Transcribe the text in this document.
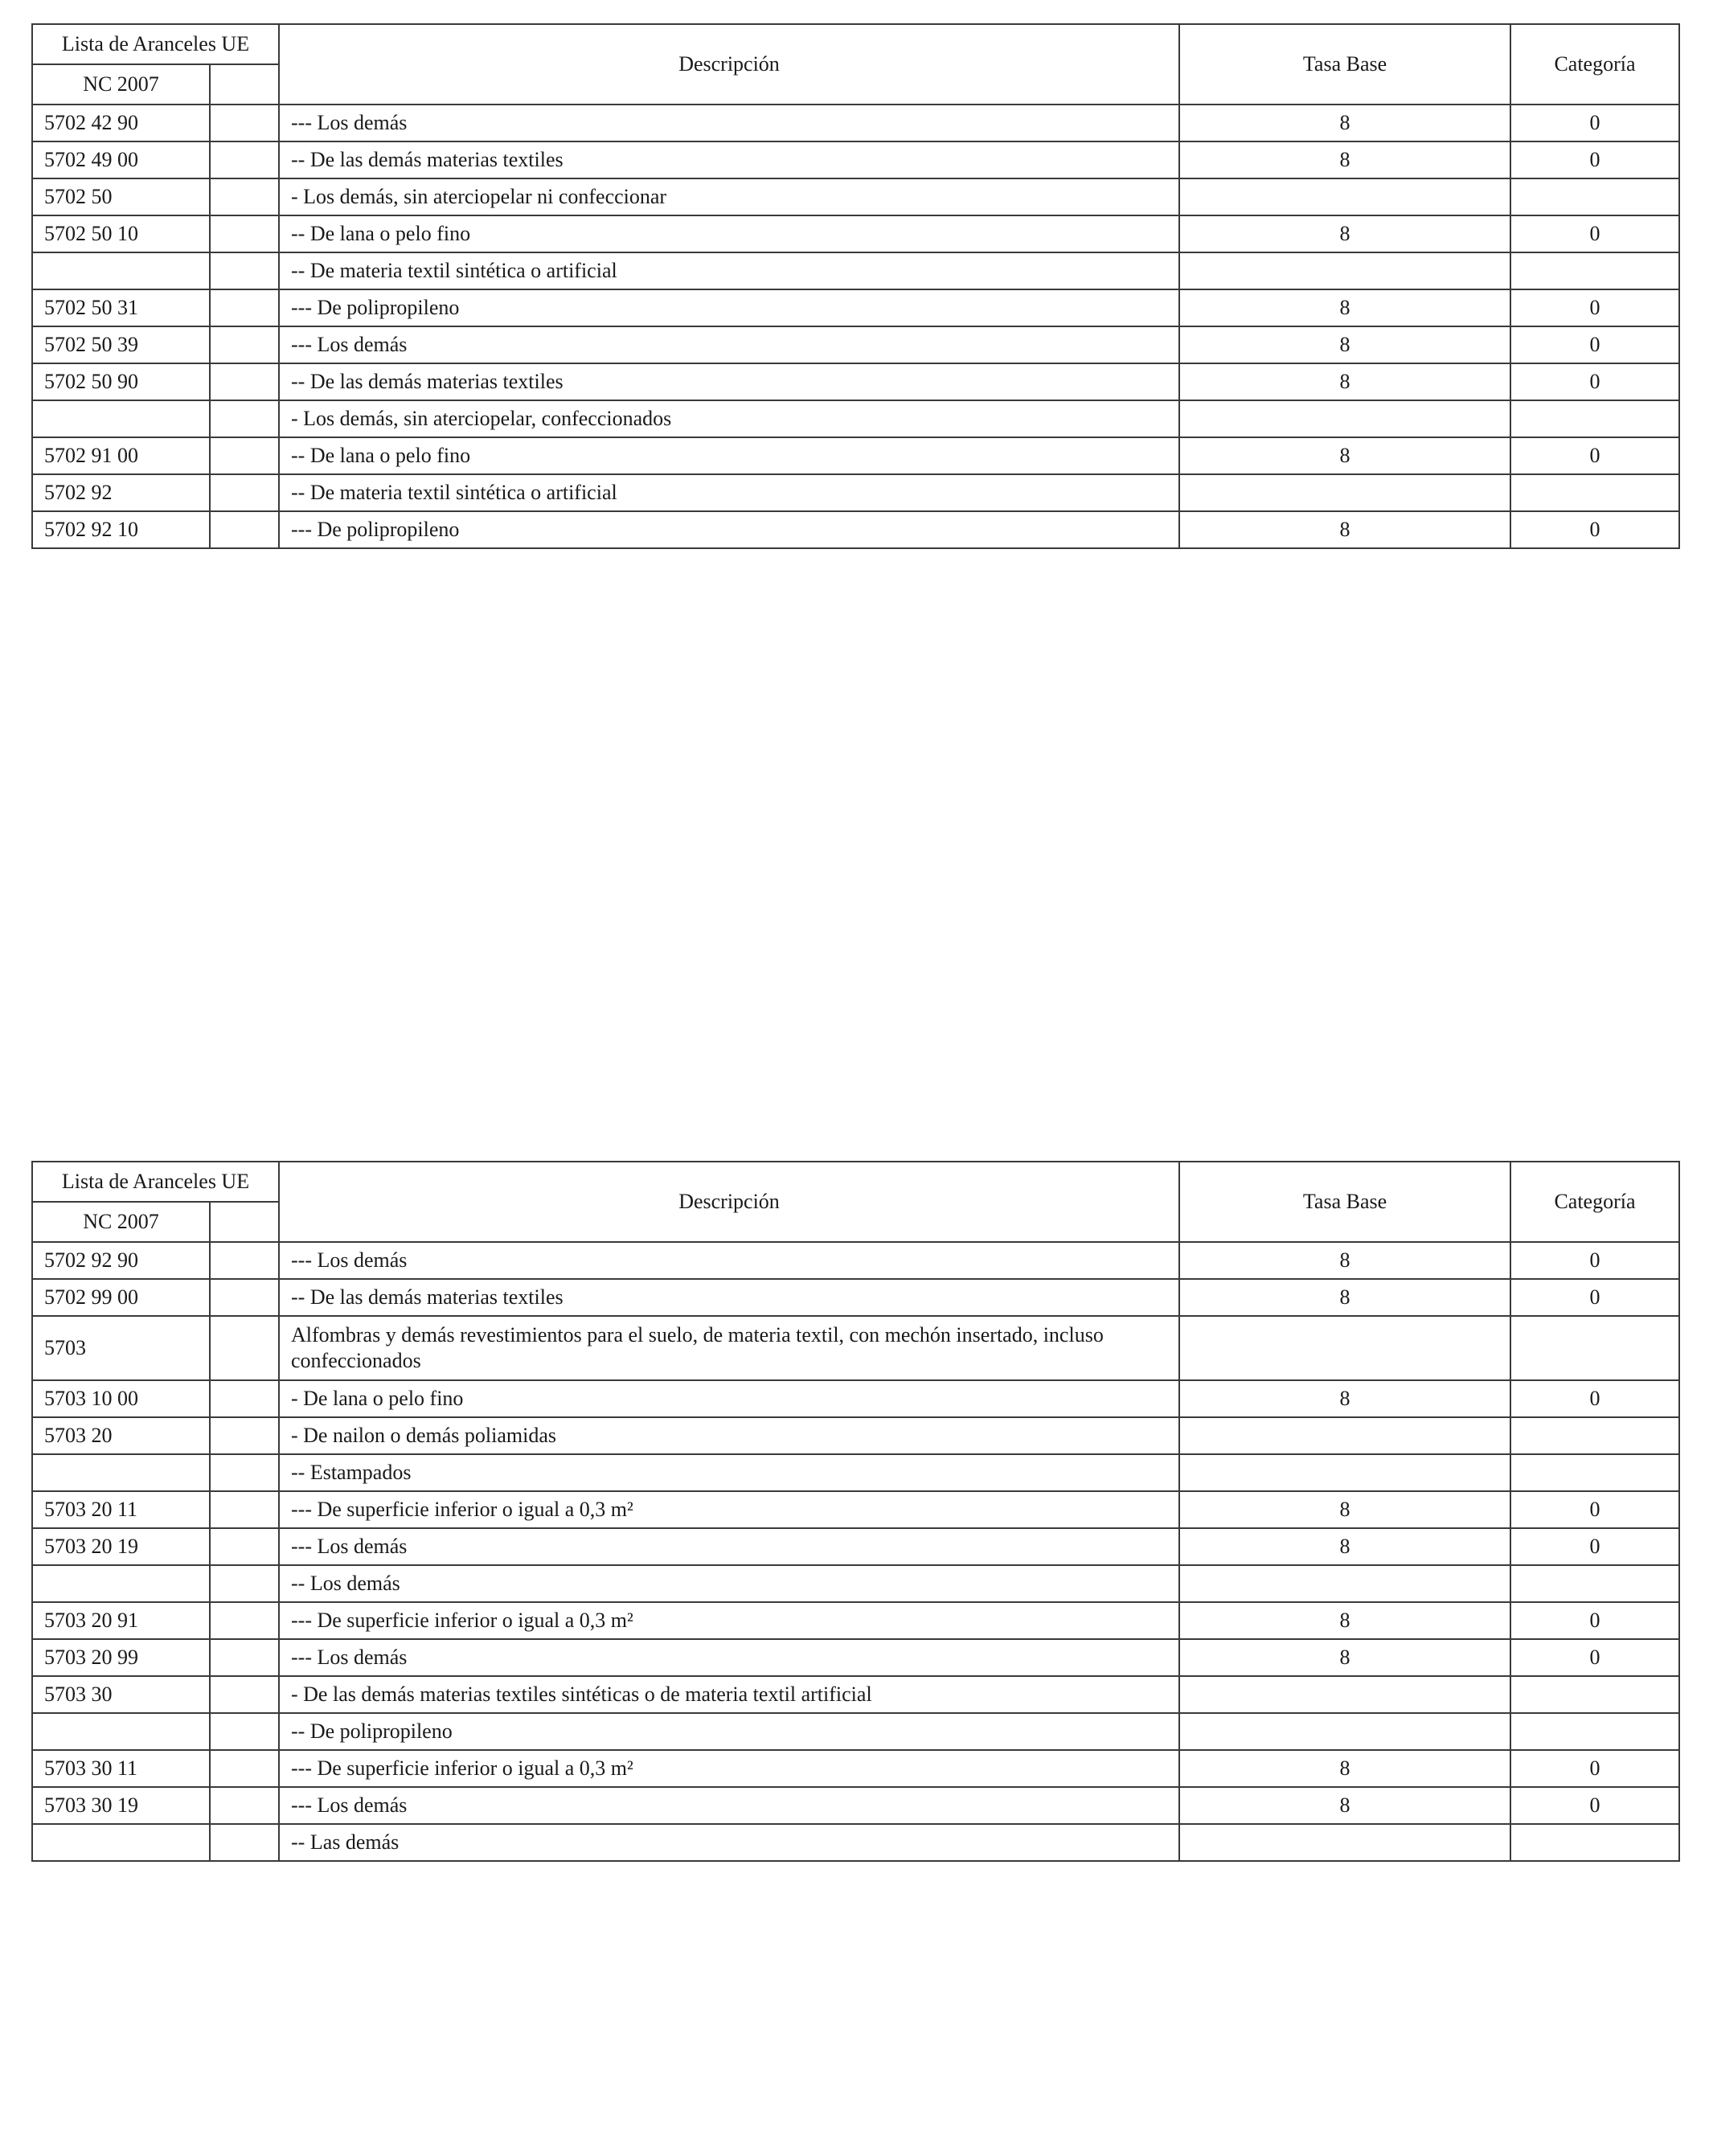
Lista de Aranceles UE		Descripción	Tasa Base	Categoría
NC 2007				
5702 42 90		--- Los demás	8	0
5702 49 00		-- De las demás materias textiles	8	0
5702 50		- Los demás, sin aterciopelar ni confeccionar		
5702 50 10		-- De lana o pelo fino	8	0
		-- De materia textil sintética o artificial		
5702 50 31		--- De polipropileno	8	0
5702 50 39		--- Los demás	8	0
5702 50 90		-- De las demás materias textiles	8	0
		- Los demás, sin aterciopelar, confeccionados		
5702 91 00		-- De lana o pelo fino	8	0
5702 92		-- De materia textil sintética o artificial		
5702 92 10		--- De polipropileno	8	0
Lista de Aranceles UE		Descripción	Tasa Base	Categoría
NC 2007				
5702 92 90		--- Los demás	8	0
5702 99 00		-- De las demás materias textiles	8	0
5703		Alfombras y demás revestimientos para el suelo, de materia textil, con mechón insertado, incluso confeccionados		
5703 10 00		- De lana o pelo fino	8	0
5703 20		- De nailon o demás poliamidas		
		-- Estampados		
5703 20 11		--- De superficie inferior o igual a 0,3 m²	8	0
5703 20 19		--- Los demás	8	0
		-- Los demás		
5703 20 91		--- De superficie inferior o igual a 0,3 m²	8	0
5703 20 99		--- Los demás	8	0
5703 30		- De las demás materias textiles sintéticas o de materia textil artificial		
		-- De polipropileno		
5703 30 11		--- De superficie inferior o igual a 0,3 m²	8	0
5703 30 19		--- Los demás	8	0
		-- Las demás		
